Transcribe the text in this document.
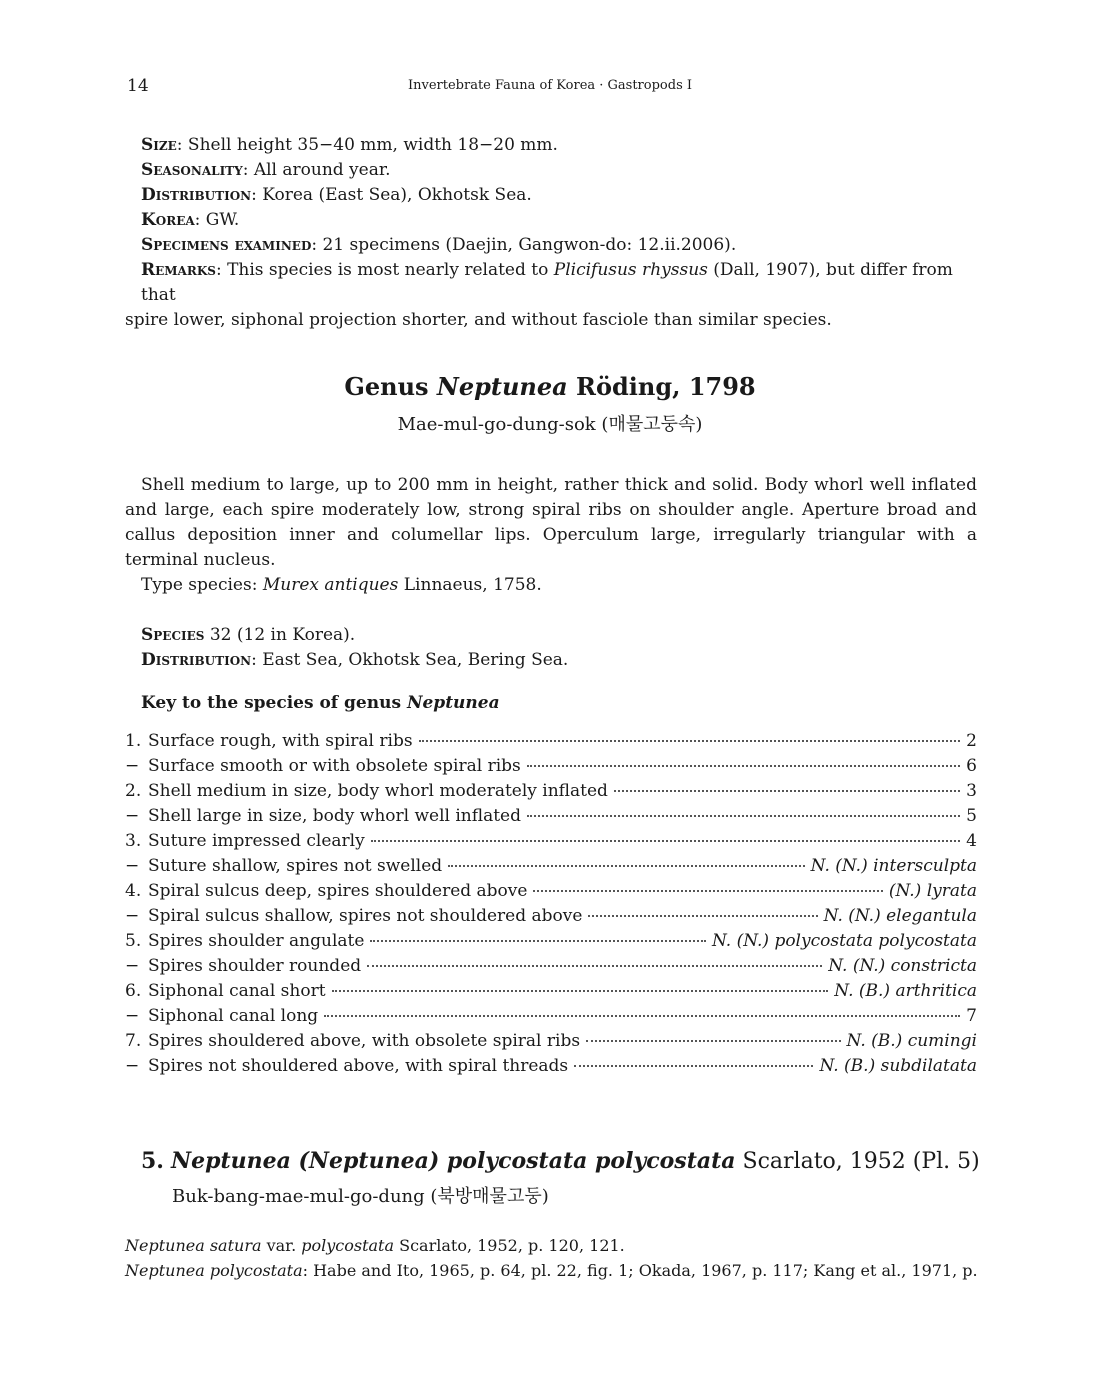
14	Invertebrate Fauna of Korea · Gastropods I
Size: Shell height 35−40 mm, width 18−20 mm.
Seasonality: All around year.
Distribution: Korea (East Sea), Okhotsk Sea.
Korea: GW.
Specimens examined: 21 specimens (Daejin, Gangwon-do: 12.ii.2006).
Remarks: This species is most nearly related to Plicifusus rhyssus (Dall, 1907), but differ from that
spire lower, siphonal projection shorter, and without fasciole than similar species.
Genus Neptunea Röding, 1798
Mae-mul-go-dung-sok (매물고둥속)
Shell medium to large, up to 200 mm in height, rather thick and solid. Body whorl well inflated and large, each spire moderately low, strong spiral ribs on shoulder angle. Aperture broad and callus deposition inner and columellar lips. Operculum large, irregularly triangular with a terminal nucleus.
Type species: Murex antiques Linnaeus, 1758.
Species 32 (12 in Korea).
Distribution: East Sea, Okhotsk Sea, Bering Sea.
Key to the species of genus Neptunea
1. Surface rough, with spiral ribs	2
− Surface smooth or with obsolete spiral ribs	6
2. Shell medium in size, body whorl moderately inflated	3
− Shell large in size, body whorl well inflated	5
3. Suture impressed clearly	4
− Suture shallow, spires not swelled	N. (N.) intersculpta
4. Spiral sulcus deep, spires shouldered above	(N.) lyrata
− Spiral sulcus shallow, spires not shouldered above	N. (N.) elegantula
5. Spires shoulder angulate	N. (N.) polycostata polycostata
− Spires shoulder rounded	N. (N.) constricta
6. Siphonal canal short	N. (B.) arthritica
− Siphonal canal long	7
7. Spires shouldered above, with obsolete spiral ribs	N. (B.) cumingi
− Spires not shouldered above, with spiral threads	N. (B.) subdilatata
5. Neptunea (Neptunea) polycostata polycostata Scarlato, 1952 (Pl. 5)
Buk-bang-mae-mul-go-dung (북방매물고둥)
Neptunea satura var. polycostata Scarlato, 1952, p. 120, 121.
Neptunea polycostata: Habe and Ito, 1965, p. 64, pl. 22, fig. 1; Okada, 1967, p. 117; Kang et al., 1971, p.
